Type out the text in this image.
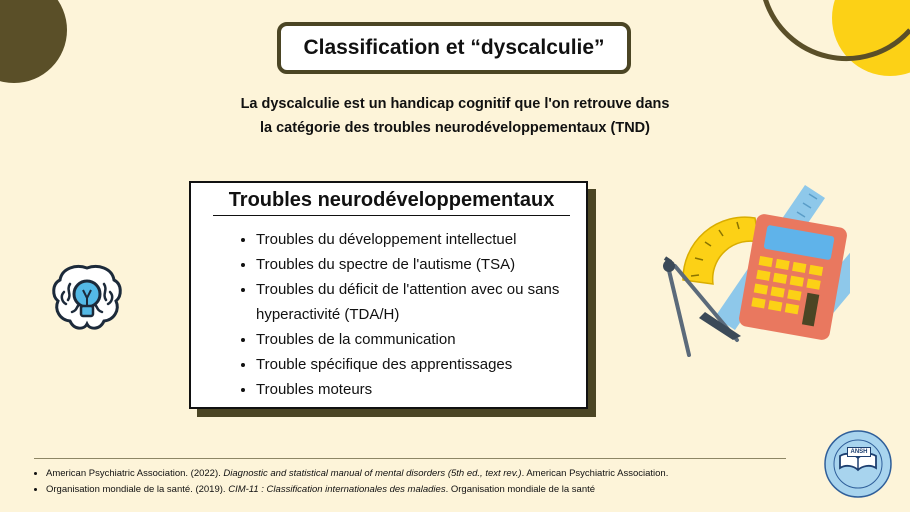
Classification et “dyscalculie”
La dyscalculie est un handicap cognitif que l'on retrouve dans
la catégorie des troubles neurodéveloppementaux (TND)
Troubles neurodéveloppementaux
• Troubles du développement intellectuel
• Troubles du spectre de l'autisme (TSA)
• Troubles du déficit de l'attention avec ou sans hyperactivité (TDA/H)
• Troubles de la communication
• Trouble spécifique des apprentissages
• Troubles moteurs
• American Psychiatric Association. (2022). Diagnostic and statistical manual of mental disorders (5th ed., text rev.). American Psychiatric Association.
• Organisation mondiale de la santé. (2019). CIM-11 : Classification internationales des maladies. Organisation mondiale de la santé
ANSH
